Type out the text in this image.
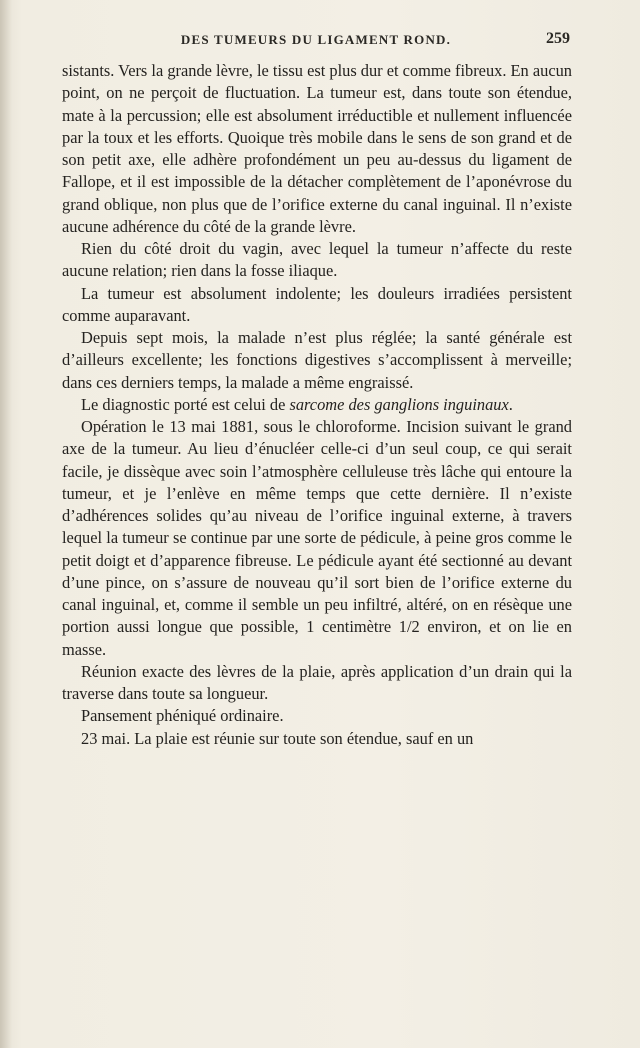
DES TUMEURS DU LIGAMENT ROND.	259

sistants. Vers la grande lèvre, le tissu est plus dur et comme fibreux. En aucun point, on ne perçoit de fluctuation. La tumeur est, dans toute son étendue, mate à la percussion; elle est absolument irréductible et nullement influencée par la toux et les efforts. Quoique très mobile dans le sens de son grand et de son petit axe, elle adhère profondément un peu au-dessus du ligament de Fallope, et il est impossible de la détacher complètement de l’aponévrose du grand oblique, non plus que de l’orifice externe du canal inguinal. Il n’existe aucune adhérence du côté de la grande lèvre.

Rien du côté droit du vagin, avec lequel la tumeur n’affecte du reste aucune relation; rien dans la fosse iliaque.

La tumeur est absolument indolente; les douleurs irradiées persistent comme auparavant.

Depuis sept mois, la malade n’est plus réglée; la santé générale est d’ailleurs excellente; les fonctions digestives s’accomplissent à merveille; dans ces derniers temps, la malade a même engraissé.

Le diagnostic porté est celui de sarcome des ganglions inguinaux.

Opération le 13 mai 1881, sous le chloroforme. Incision suivant le grand axe de la tumeur. Au lieu d’énucléer celle-ci d’un seul coup, ce qui serait facile, je dissèque avec soin l’atmosphère celluleuse très lâche qui entoure la tumeur, et je l’enlève en même temps que cette dernière. Il n’existe d’adhérences solides qu’au niveau de l’orifice inguinal externe, à travers lequel la tumeur se continue par une sorte de pédicule, à peine gros comme le petit doigt et d’apparence fibreuse. Le pédicule ayant été sectionné au devant d’une pince, on s’assure de nouveau qu’il sort bien de l’orifice externe du canal inguinal, et, comme il semble un peu infiltré, altéré, on en résèque une portion aussi longue que possible, 1 centimètre 1/2 environ, et on lie en masse.

Réunion exacte des lèvres de la plaie, après application d’un drain qui la traverse dans toute sa longueur.

Pansement phéniqué ordinaire.

23 mai. La plaie est réunie sur toute son étendue, sauf en un
